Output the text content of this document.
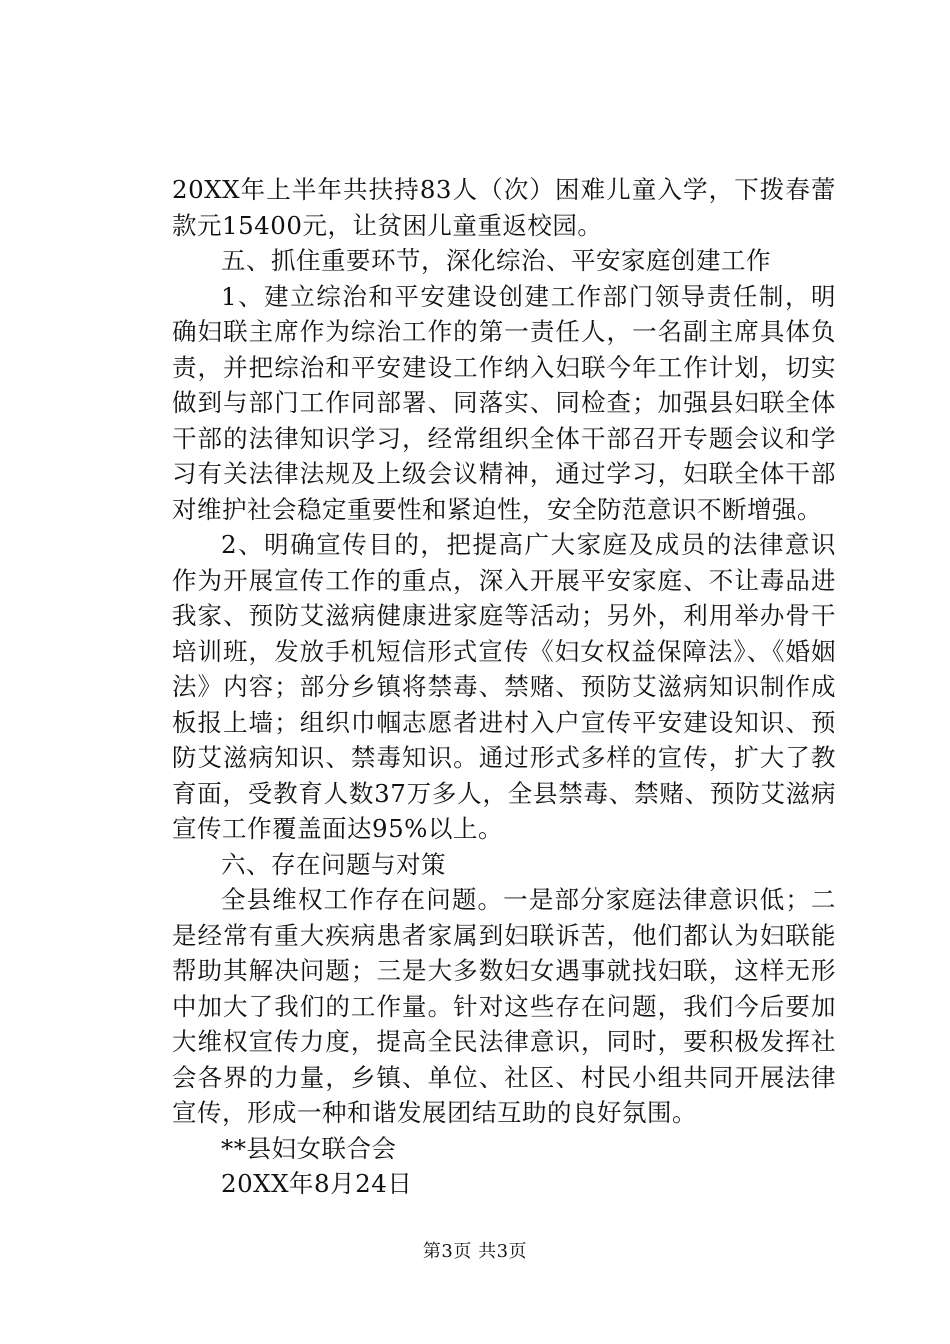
20XX年上半年共扶持83人（次）困难儿童入学，下拨春蕾款元15400元，让贫困儿童重返校园。

五、抓住重要环节，深化综治、平安家庭创建工作

1、建立综治和平安建设创建工作部门领导责任制，明确妇联主席作为综治工作的第一责任人，一名副主席具体负责，并把综治和平安建设工作纳入妇联今年工作计划，切实做到与部门工作同部署、同落实、同检查；加强县妇联全体干部的法律知识学习，经常组织全体干部召开专题会议和学习有关法律法规及上级会议精神，通过学习，妇联全体干部对维护社会稳定重要性和紧迫性，安全防范意识不断增强。

2、明确宣传目的，把提高广大家庭及成员的法律意识作为开展宣传工作的重点，深入开展平安家庭、不让毒品进我家、预防艾滋病健康进家庭等活动；另外，利用举办骨干培训班，发放手机短信形式宣传《妇女权益保障法》、《婚姻法》内容；部分乡镇将禁毒、禁赌、预防艾滋病知识制作成板报上墙；组织巾帼志愿者进村入户宣传平安建设知识、预防艾滋病知识、禁毒知识。通过形式多样的宣传，扩大了教育面，受教育人数37万多人，全县禁毒、禁赌、预防艾滋病宣传工作覆盖面达95%以上。

六、存在问题与对策

全县维权工作存在问题。一是部分家庭法律意识低；二是经常有重大疾病患者家属到妇联诉苦，他们都认为妇联能帮助其解决问题；三是大多数妇女遇事就找妇联，这样无形中加大了我们的工作量。针对这些存在问题，我们今后要加大维权宣传力度，提高全民法律意识，同时，要积极发挥社会各界的力量，乡镇、单位、社区、村民小组共同开展法律宣传，形成一种和谐发展团结互助的良好氛围。

**县妇女联合会

20XX年8月24日

第3页 共3页
